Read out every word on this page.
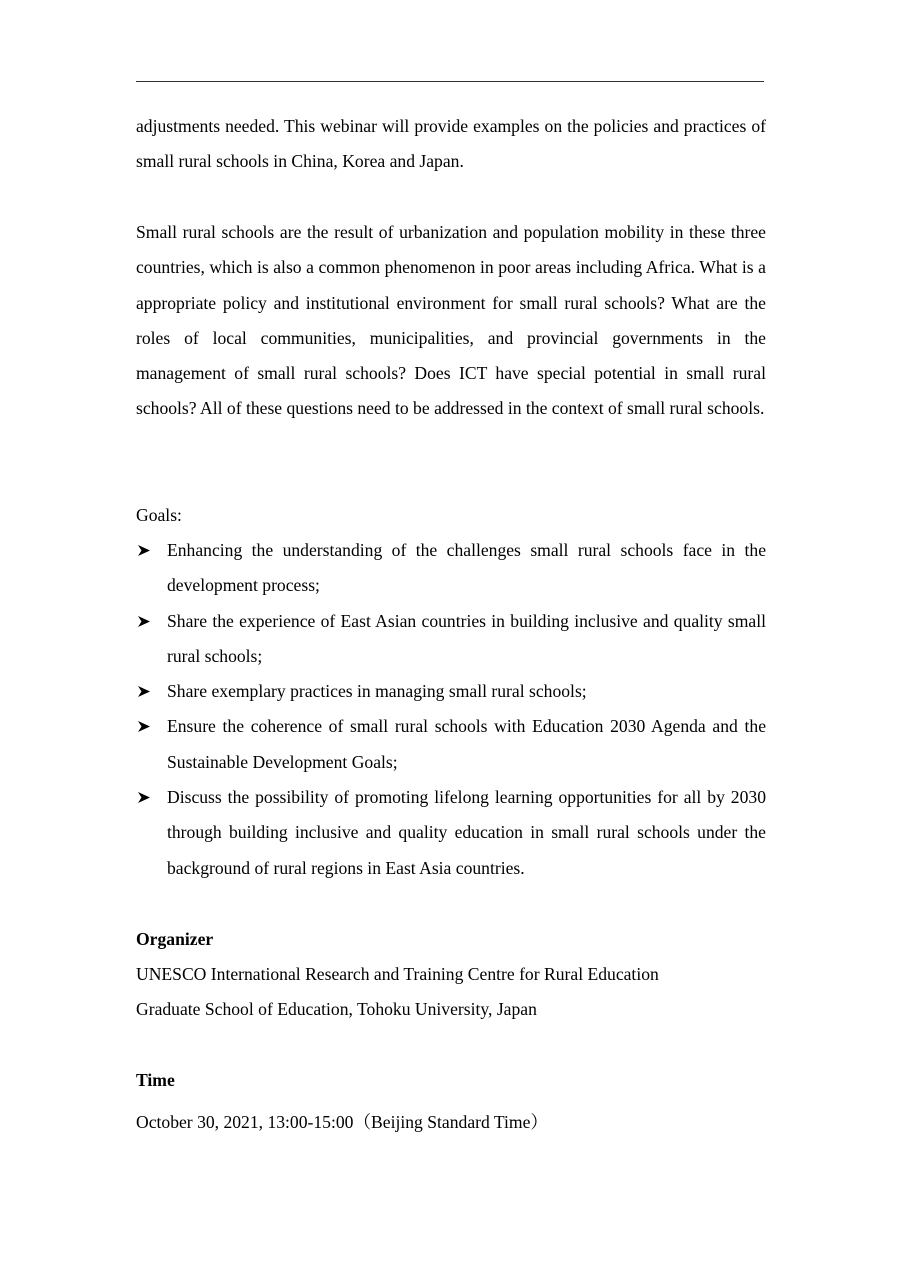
adjustments needed. This webinar will provide examples on the policies and practices of small rural schools in China, Korea and Japan.
Small rural schools are the result of urbanization and population mobility in these three countries, which is also a common phenomenon in poor areas including Africa. What is a appropriate policy and institutional environment for small rural schools? What are the roles of local communities, municipalities, and provincial governments in the management of small rural schools? Does ICT have special potential in small rural schools? All of these questions need to be addressed in the context of small rural schools.
Goals:
Enhancing the understanding of the challenges small rural schools face in the development process;
Share the experience of East Asian countries in building inclusive and quality small rural schools;
Share exemplary practices in managing small rural schools;
Ensure the coherence of small rural schools with Education 2030 Agenda and the Sustainable Development Goals;
Discuss the possibility of promoting lifelong learning opportunities for all by 2030 through building inclusive and quality education in small rural schools under the background of rural regions in East Asia countries.
Organizer
UNESCO International Research and Training Centre for Rural Education
Graduate School of Education, Tohoku University, Japan
Time
October 30, 2021, 13:00-15:00（Beijing Standard Time）
